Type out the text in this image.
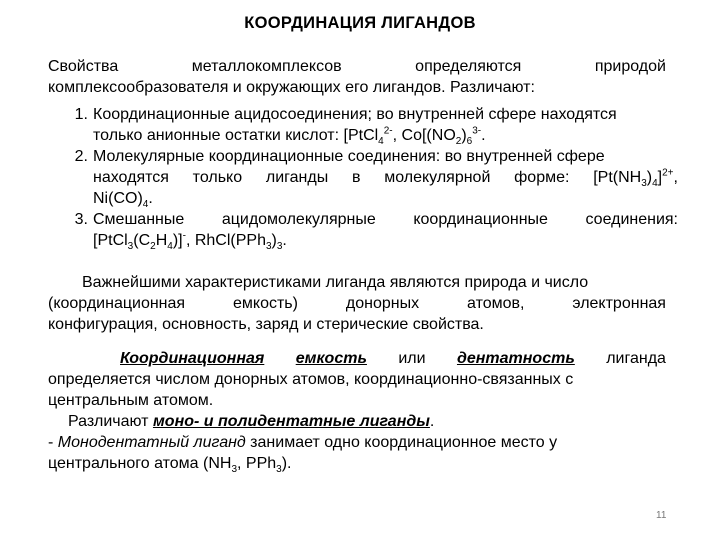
КООРДИНАЦИЯ ЛИГАНДОВ
Свойства	металлокомплексов	определяются	природой
комплексообразователя и окружающих его лигандов. Различают:
1. Координационные ацидосоединения; во внутренней сфере находятся
только анионные остатки кислот: [PtCl$_4^{2-}$, $Co[(NO_2)_6^{3-}$.
2. Молекулярные координационные соединения: во внутренней сфере
находятся только лиганды в молекулярной форме: $[Pt(NH_3)_4]^{2+}$,
$Ni(CO)_4$.
3. Смешанные ацидомолекулярные координационные соединения:
$[PtCl_3(C_2H_4)]^-$, $RhCl(PPh_3)_3$.
Важнейшими характеристиками лиганда являются природа и число
(координационная	емкость)	донорных	атомов,	электронная
конфигурация, основность, заряд и стерические свойства.
Координационная емкость или дентатность лиганда
определяется числом донорных атомов, координационно-связанных с
центральным атомом.
Различают моно- и полидентатные лиганды.
- Монодентатный лиганд занимает одно координационное место у
центрального атома ($NH_3$, PPh$_3$).
11
